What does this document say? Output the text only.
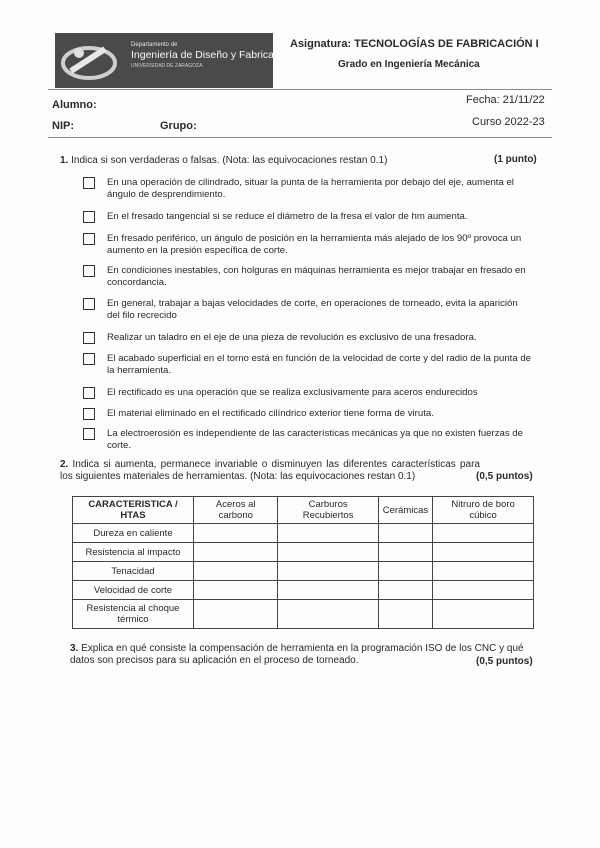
Departamento de
Ingeniería de Diseño y Fabricación
UNIVERSIDAD DE ZARAGOZA
Asignatura: TECNOLOGÍAS DE FABRICACIÓN I
Grado en Ingeniería Mecánica
Alumno:	Fecha: 21/11/22
NIP:	Grupo:	Curso 2022-23
1. Indica si son verdaderas o falsas. (Nota: las equivocaciones restan 0.1)	(1 punto)
En una operación de cilindrado, situar la punta de la herramienta por debajo del eje, aumenta el ángulo de desprendimiento.
En el fresado tangencial si se reduce el diámetro de la fresa el valor de hm aumenta.
En fresado periférico, un ángulo de posición en la herramienta más alejado de los 90º provoca un aumento en la presión específica de corte.
En condiciones inestables, con holguras en máquinas herramienta es mejor trabajar en fresado en concordancia.
En general, trabajar a bajas velocidades de corte, en operaciones de torneado, evita la aparición del filo recrecido
Realizar un taladro en el eje de una pieza de revolución es exclusivo de una fresadora.
El acabado superficial en el torno está en función de la velocidad de corte y del radio de la punta de la herramienta.
El rectificado es una operación que se realiza exclusivamente para aceros endurecidos
El material eliminado en el rectificado cilíndrico exterior tiene forma de viruta.
La electroerosión es independiente de las características mecánicas ya que no existen fuerzas de corte.
2. Indica si aumenta, permanece invariable o disminuyen las diferentes características para los siguientes materiales de herramientas. (Nota: las equivocaciones restan 0.1)	(0,5 puntos)
CARACTERISTICA / HTAS	Aceros al carbono	Carburos Recubiertos	Cerámicas	Nitruro de boro cúbico
Dureza en caliente				
Resistencia al impacto				
Tenacidad				
Velocidad de corte				
Resistencia al choque térmico				
3. Explica en qué consiste la compensación de herramienta en la programación ISO de los CNC y qué datos son precisos para su aplicación en el proceso de torneado.	(0,5 puntos)
